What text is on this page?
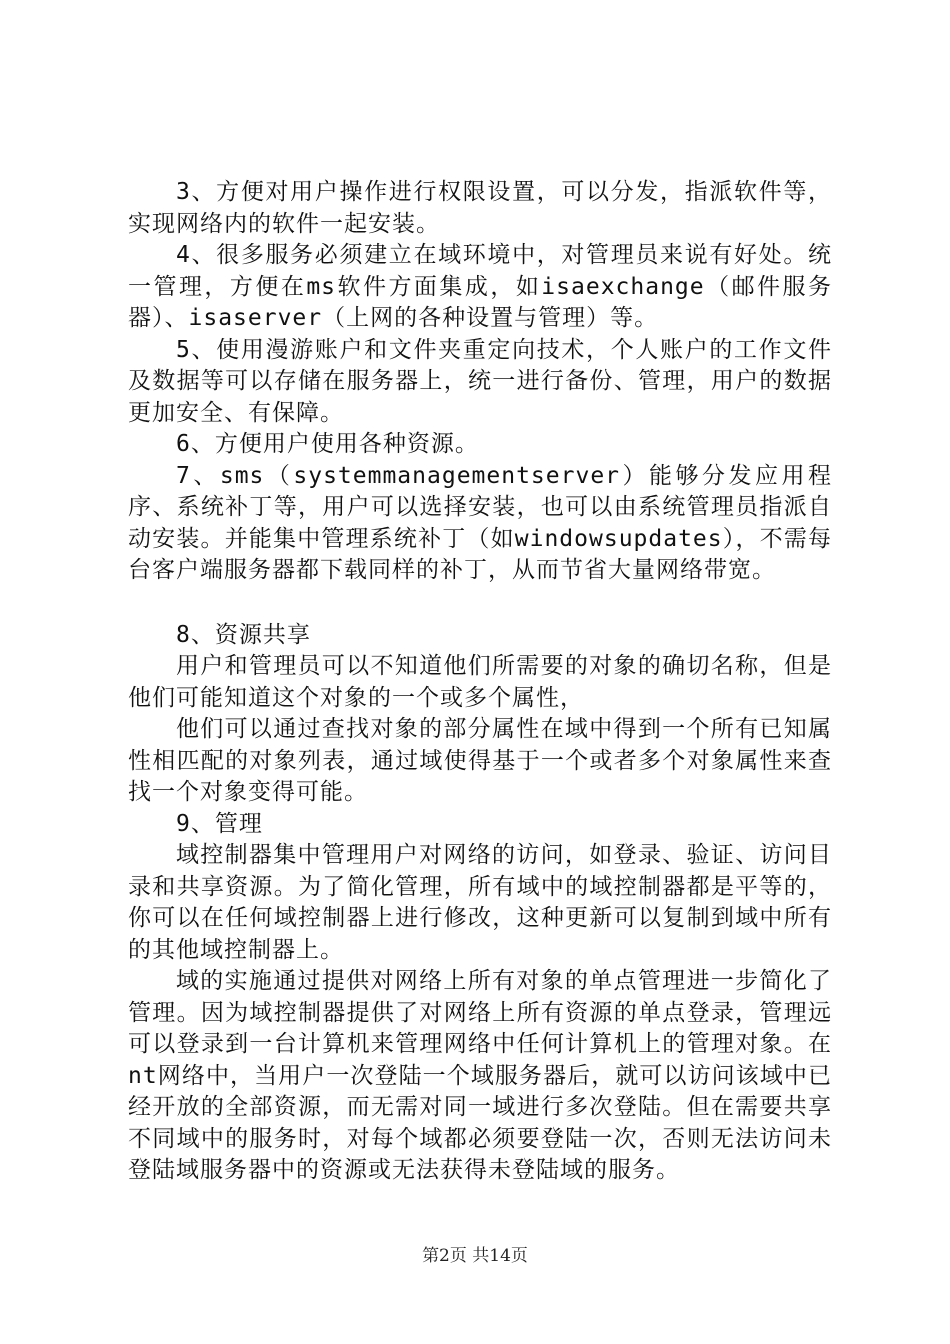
3、方便对用户操作进行权限设置，可以分发，指派软件等，实现网络内的软件一起安装。

4、很多服务必须建立在域环境中，对管理员来说有好处。统一管理，方便在ms软件方面集成，如isaexchange（邮件服务器）、isaserver（上网的各种设置与管理）等。

5、使用漫游账户和文件夹重定向技术，个人账户的工作文件及数据等可以存储在服务器上，统一进行备份、管理，用户的数据更加安全、有保障。

6、方便用户使用各种资源。

7、sms（systemmanagementserver）能够分发应用程序、系统补丁等，用户可以选择安装，也可以由系统管理员指派自动安装。并能集中管理系统补丁（如windowsupdates），不需每台客户端服务器都下载同样的补丁，从而节省大量网络带宽。

8、资源共享

用户和管理员可以不知道他们所需要的对象的确切名称，但是他们可能知道这个对象的一个或多个属性，

他们可以通过查找对象的部分属性在域中得到一个所有已知属性相匹配的对象列表，通过域使得基于一个或者多个对象属性来查找一个对象变得可能。

9、管理

域控制器集中管理用户对网络的访问，如登录、验证、访问目录和共享资源。为了简化管理，所有域中的域控制器都是平等的，你可以在任何域控制器上进行修改，这种更新可以复制到域中所有的其他域控制器上。

域的实施通过提供对网络上所有对象的单点管理进一步简化了管理。因为域控制器提供了对网络上所有资源的单点登录，管理远可以登录到一台计算机来管理网络中任何计算机上的管理对象。在nt网络中，当用户一次登陆一个域服务器后，就可以访问该域中已经开放的全部资源，而无需对同一域进行多次登陆。但在需要共享不同域中的服务时，对每个域都必须要登陆一次，否则无法访问未登陆域服务器中的资源或无法获得未登陆域的服务。

第2页 共14页
